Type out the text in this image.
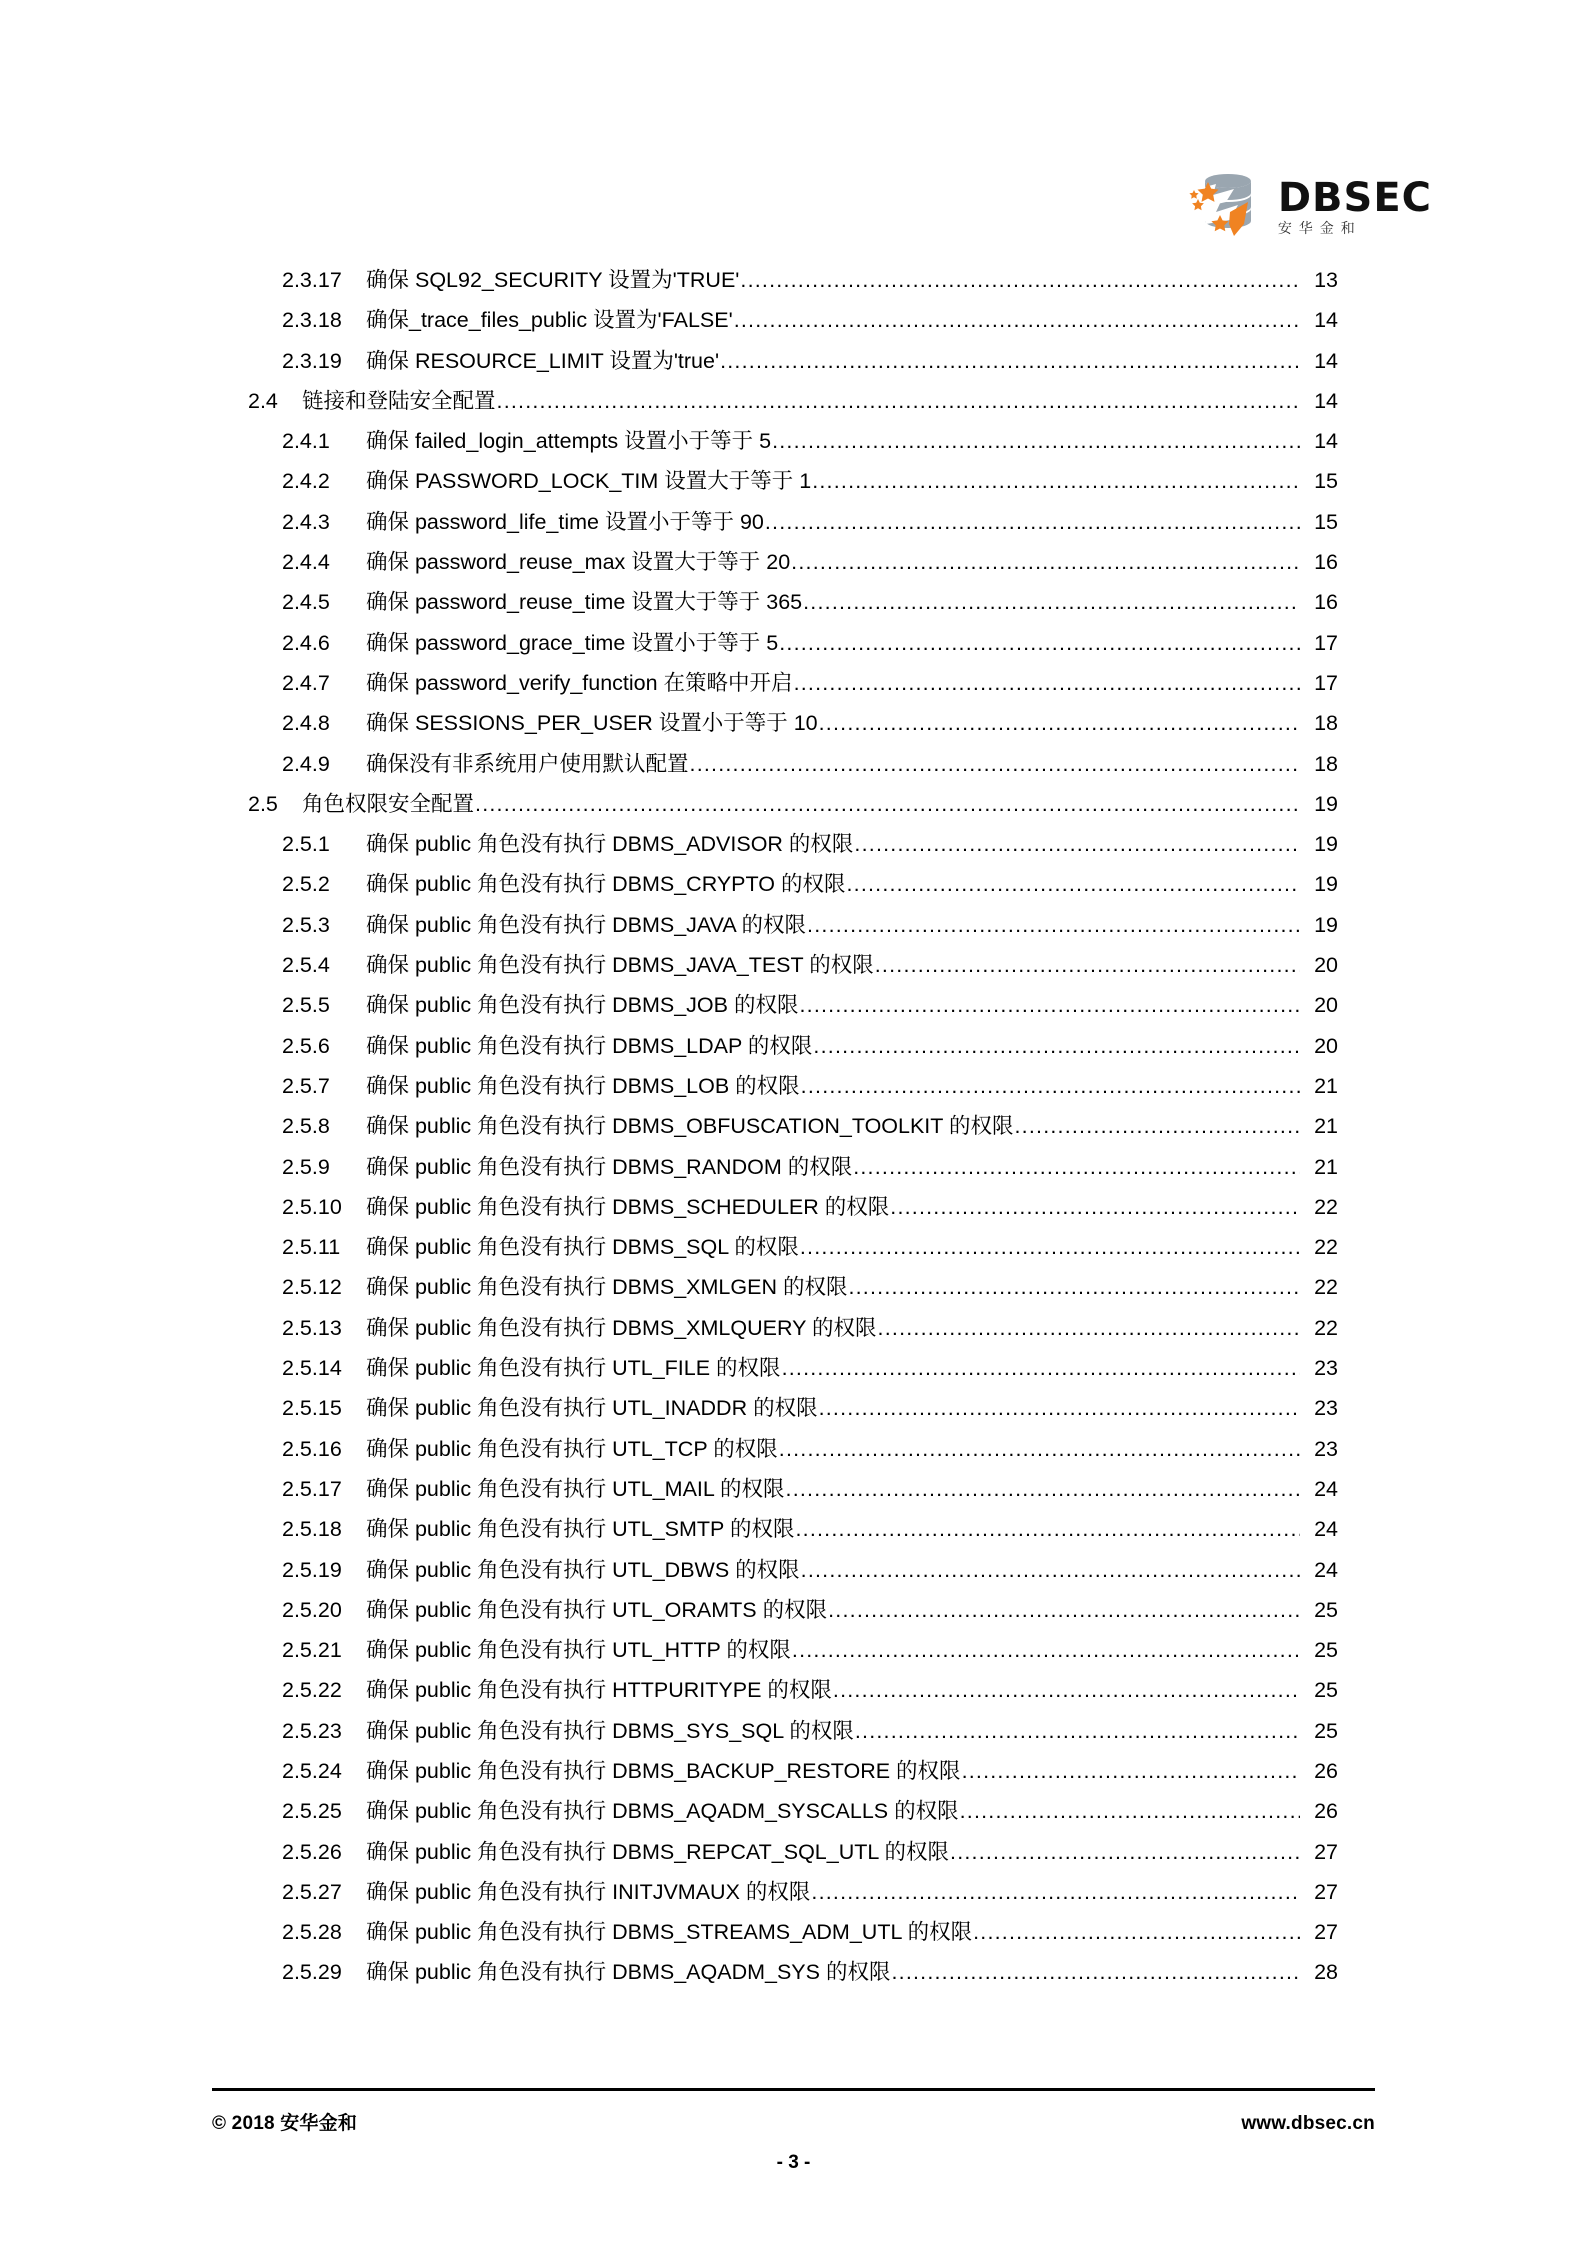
DBSEC
安华金和
2.3.17	确保 SQL92_SECURITY 设置为'TRUE' .....	13
2.3.18	确保_trace_files_public 设置为'FALSE' .....	14
2.3.19	确保 RESOURCE_LIMIT 设置为'true' .....	14
2.4	链接和登陆安全配置 .....	14
2.4.1	确保 failed_login_attempts 设置小于等于 5 .....	14
2.4.2	确保 PASSWORD_LOCK_TIM 设置大于等于 1 .....	15
2.4.3	确保 password_life_time 设置小于等于 90 .....	15
2.4.4	确保 password_reuse_max 设置大于等于 20 .....	16
2.4.5	确保 password_reuse_time 设置大于等于 365 .....	16
2.4.6	确保 password_grace_time 设置小于等于 5 .....	17
2.4.7	确保 password_verify_function 在策略中开启 .....	17
2.4.8	确保 SESSIONS_PER_USER 设置小于等于 10 .....	18
2.4.9	确保没有非系统用户使用默认配置 .....	18
2.5	角色权限安全配置 .....	19
2.5.1	确保 public 角色没有执行 DBMS_ADVISOR 的权限 .....	19
2.5.2	确保 public 角色没有执行 DBMS_CRYPTO 的权限 .....	19
2.5.3	确保 public 角色没有执行 DBMS_JAVA 的权限 .....	19
2.5.4	确保 public 角色没有执行 DBMS_JAVA_TEST 的权限 .....	20
2.5.5	确保 public 角色没有执行 DBMS_JOB 的权限 .....	20
2.5.6	确保 public 角色没有执行 DBMS_LDAP 的权限 .....	20
2.5.7	确保 public 角色没有执行 DBMS_LOB 的权限 .....	21
2.5.8	确保 public 角色没有执行 DBMS_OBFUSCATION_TOOLKIT 的权限 .....	21
2.5.9	确保 public 角色没有执行 DBMS_RANDOM 的权限 .....	21
2.5.10	确保 public 角色没有执行 DBMS_SCHEDULER 的权限 .....	22
2.5.11	确保 public 角色没有执行 DBMS_SQL 的权限 .....	22
2.5.12	确保 public 角色没有执行 DBMS_XMLGEN 的权限 .....	22
2.5.13	确保 public 角色没有执行 DBMS_XMLQUERY 的权限 .....	22
2.5.14	确保 public 角色没有执行 UTL_FILE 的权限 .....	23
2.5.15	确保 public 角色没有执行 UTL_INADDR 的权限 .....	23
2.5.16	确保 public 角色没有执行 UTL_TCP 的权限 .....	23
2.5.17	确保 public 角色没有执行 UTL_MAIL 的权限 .....	24
2.5.18	确保 public 角色没有执行 UTL_SMTP 的权限 .....	24
2.5.19	确保 public 角色没有执行 UTL_DBWS 的权限 .....	24
2.5.20	确保 public 角色没有执行 UTL_ORAMTS 的权限 .....	25
2.5.21	确保 public 角色没有执行 UTL_HTTP 的权限 .....	25
2.5.22	确保 public 角色没有执行 HTTPURITYPE 的权限 .....	25
2.5.23	确保 public 角色没有执行 DBMS_SYS_SQL 的权限 .....	25
2.5.24	确保 public 角色没有执行 DBMS_BACKUP_RESTORE 的权限 .....	26
2.5.25	确保 public 角色没有执行 DBMS_AQADM_SYSCALLS 的权限 .....	26
2.5.26	确保 public 角色没有执行 DBMS_REPCAT_SQL_UTL 的权限 .....	27
2.5.27	确保 public 角色没有执行 INITJVMAUX 的权限 .....	27
2.5.28	确保 public 角色没有执行 DBMS_STREAMS_ADM_UTL 的权限 .....	27
2.5.29	确保 public 角色没有执行 DBMS_AQADM_SYS 的权限 .....	28
© 2018 安华金和	www.dbsec.cn
- 3 -
